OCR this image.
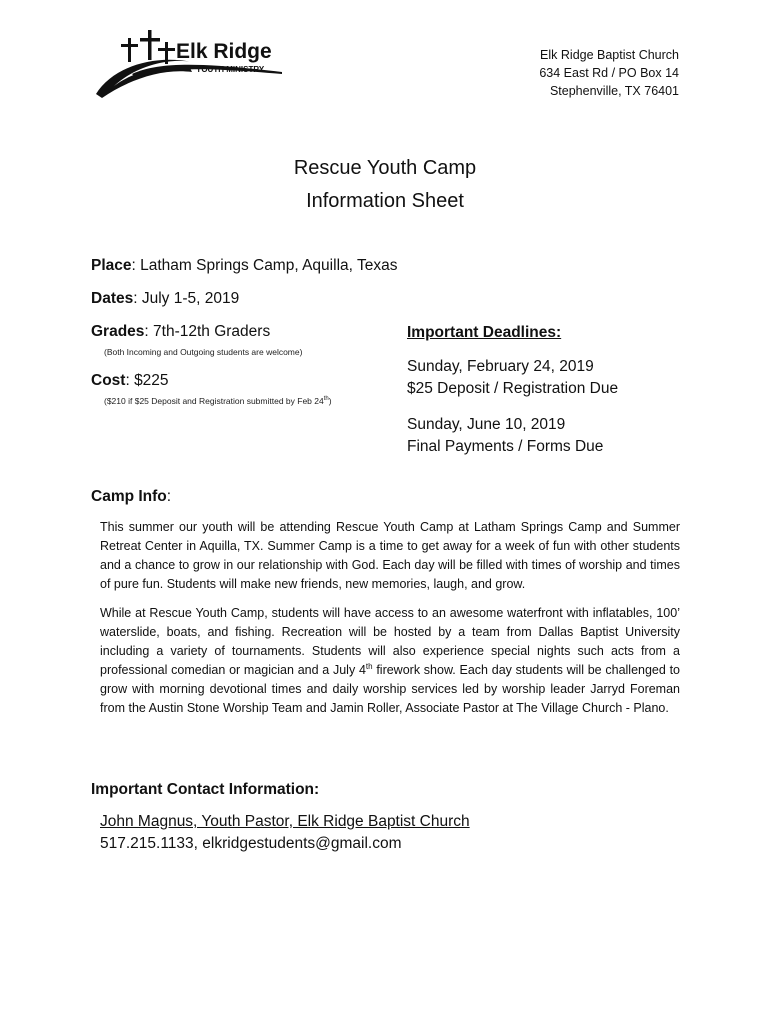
Elk Ridge
YOUTH MINISTRY
Elk Ridge Baptist Church
634 East Rd / PO Box 14
Stephenville, TX 76401
Rescue Youth Camp
Information Sheet
Place: Latham Springs Camp, Aquilla, Texas
Dates: July 1-5, 2019
Grades: 7th-12th Graders
(Both Incoming and Outgoing students are welcome)
Cost: $225
($210 if $25 Deposit and Registration submitted by Feb 24th)
Important Deadlines:
Sunday, February 24, 2019
$25 Deposit / Registration Due
Sunday, June 10, 2019
Final Payments / Forms Due
Camp Info:

This summer our youth will be attending Rescue Youth Camp at Latham Springs Camp and Summer Retreat Center in Aquilla, TX. Summer Camp is a time to get away for a week of fun with other students and a chance to grow in our relationship with God. Each day will be filled with times of worship and times of pure fun. Students will make new friends, new memories, laugh, and grow.

While at Rescue Youth Camp, students will have access to an awesome waterfront with inflatables, 100’ waterslide, boats, and fishing. Recreation will be hosted by a team from Dallas Baptist University including a variety of tournaments. Students will also experience special nights such acts from a professional comedian or magician and a July 4th firework show. Each day students will be challenged to grow with morning devotional times and daily worship services led by worship leader Jarryd Foreman from the Austin Stone Worship Team and Jamin Roller, Associate Pastor at The Village Church - Plano.

Important Contact Information:
John Magnus, Youth Pastor, Elk Ridge Baptist Church
517.215.1133, elkridgestudents@gmail.com
